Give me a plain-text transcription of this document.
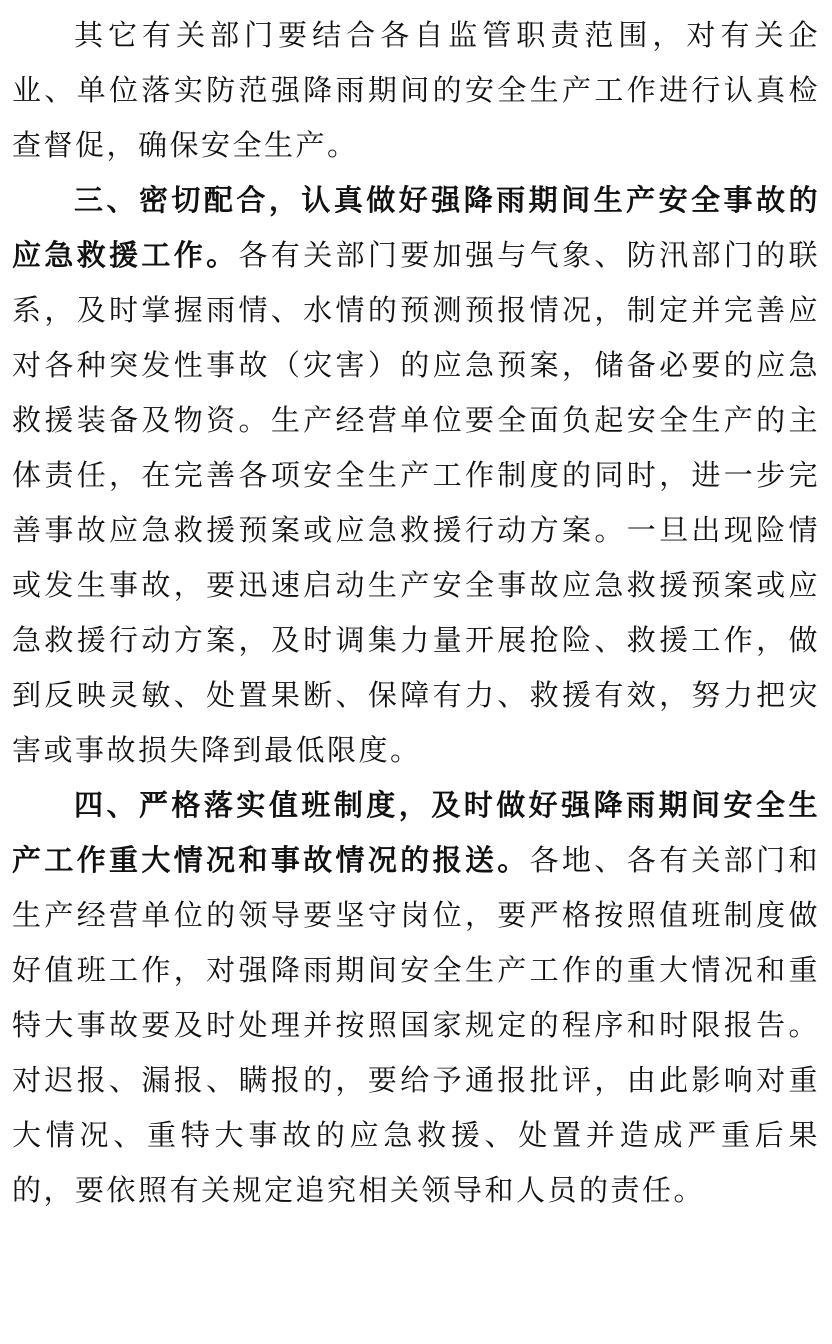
其它有关部门要结合各自监管职责范围，对有关企业、单位落实防范强降雨期间的安全生产工作进行认真检查督促，确保安全生产。

三、密切配合，认真做好强降雨期间生产安全事故的应急救援工作。各有关部门要加强与气象、防汛部门的联系，及时掌握雨情、水情的预测预报情况，制定并完善应对各种突发性事故（灾害）的应急预案，储备必要的应急救援装备及物资。生产经营单位要全面负起安全生产的主体责任，在完善各项安全生产工作制度的同时，进一步完善事故应急救援预案或应急救援行动方案。一旦出现险情或发生事故，要迅速启动生产安全事故应急救援预案或应急救援行动方案，及时调集力量开展抢险、救援工作，做到反映灵敏、处置果断、保障有力、救援有效，努力把灾害或事故损失降到最低限度。

四、严格落实值班制度，及时做好强降雨期间安全生产工作重大情况和事故情况的报送。各地、各有关部门和生产经营单位的领导要坚守岗位，要严格按照值班制度做好值班工作，对强降雨期间安全生产工作的重大情况和重特大事故要及时处理并按照国家规定的程序和时限报告。对迟报、漏报、瞒报的，要给予通报批评，由此影响对重大情况、重特大事故的应急救援、处置并造成严重后果的，要依照有关规定追究相关领导和人员的责任。
